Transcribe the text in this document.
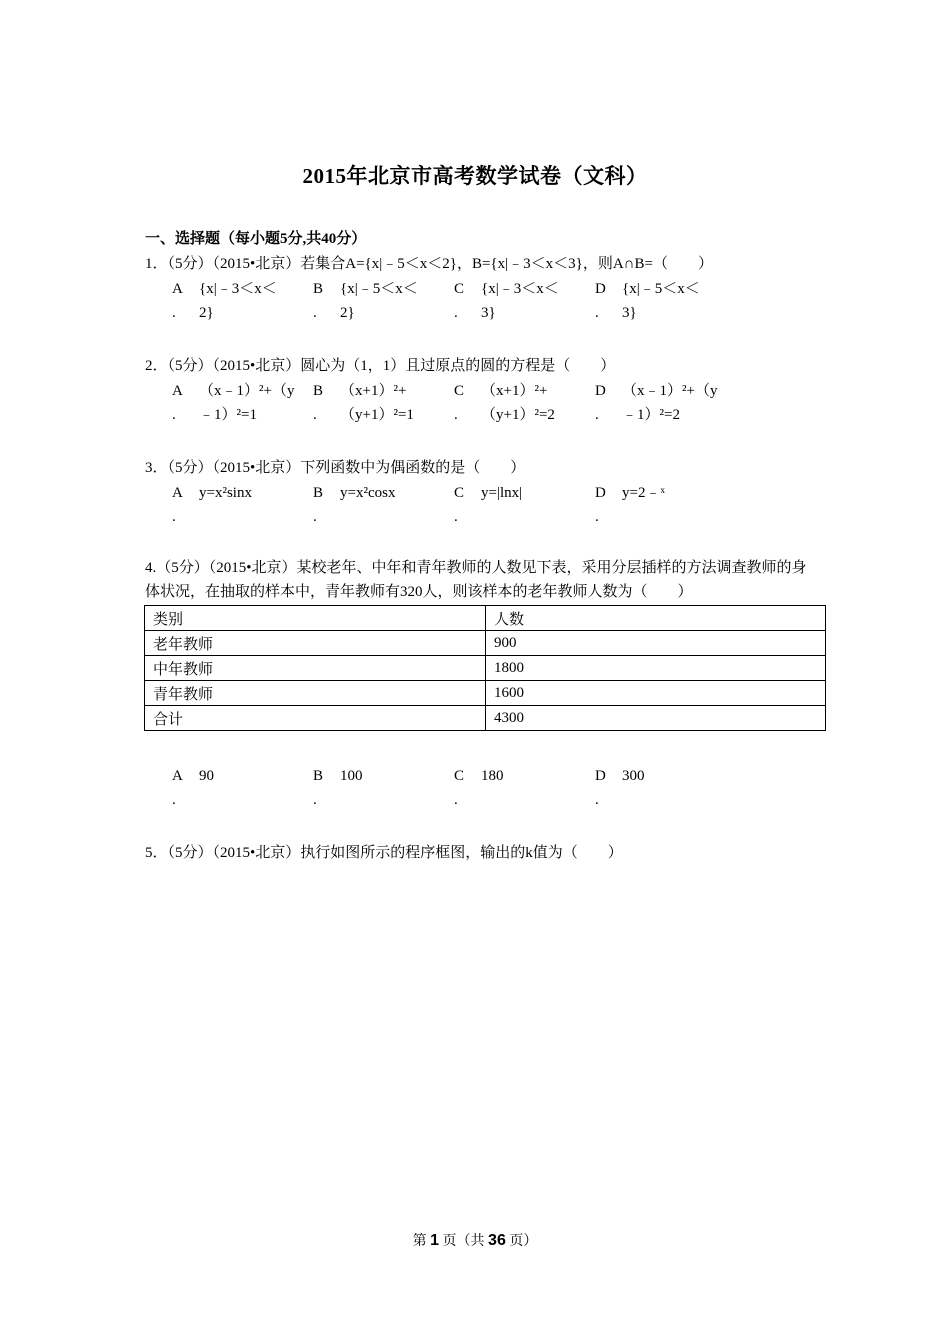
2015年北京市高考数学试卷（文科）
一、选择题（每小题5分,共40分）
1．（5分）（2015•北京）若集合A={x|﹣5＜x＜2}，B={x|﹣3＜x＜3}，则A∩B=（　　）
A
.
{x|﹣3＜x＜
2}
B
.
{x|﹣5＜x＜
2}
C
.
{x|﹣3＜x＜
3}
D
.
{x|﹣5＜x＜
3}
2．（5分）（2015•北京）圆心为（1，1）且过原点的圆的方程是（　　）
A
.
（x﹣1）²+（y
﹣1）²=1
B
.
（x+1）²+
（y+1）²=1
C
.
（x+1）²+
（y+1）²=2
D
.
（x﹣1）²+（y
﹣1）²=2
3．（5分）（2015•北京）下列函数中为偶函数的是（　　）
A
.
y=x²sinx	B
.
y=x²cosx	C
.
y=|lnx|	D
.
y=2﹣ˣ
4.（5分）（2015•北京）某校老年、中年和青年教师的人数见下表，采用分层插样的方法调查教师的身体状况，在抽取的样本中，青年教师有320人，则该样本的老年教师人数为（　　）
类别	人数
老年教师	900
中年教师	1800
青年教师	1600
合计	4300
A
.
90	B
.
100	C
.
180	D
.
300
5．（5分）（2015•北京）执行如图所示的程序框图，输出的k值为（　　）
第 1 页（共 36 页）
